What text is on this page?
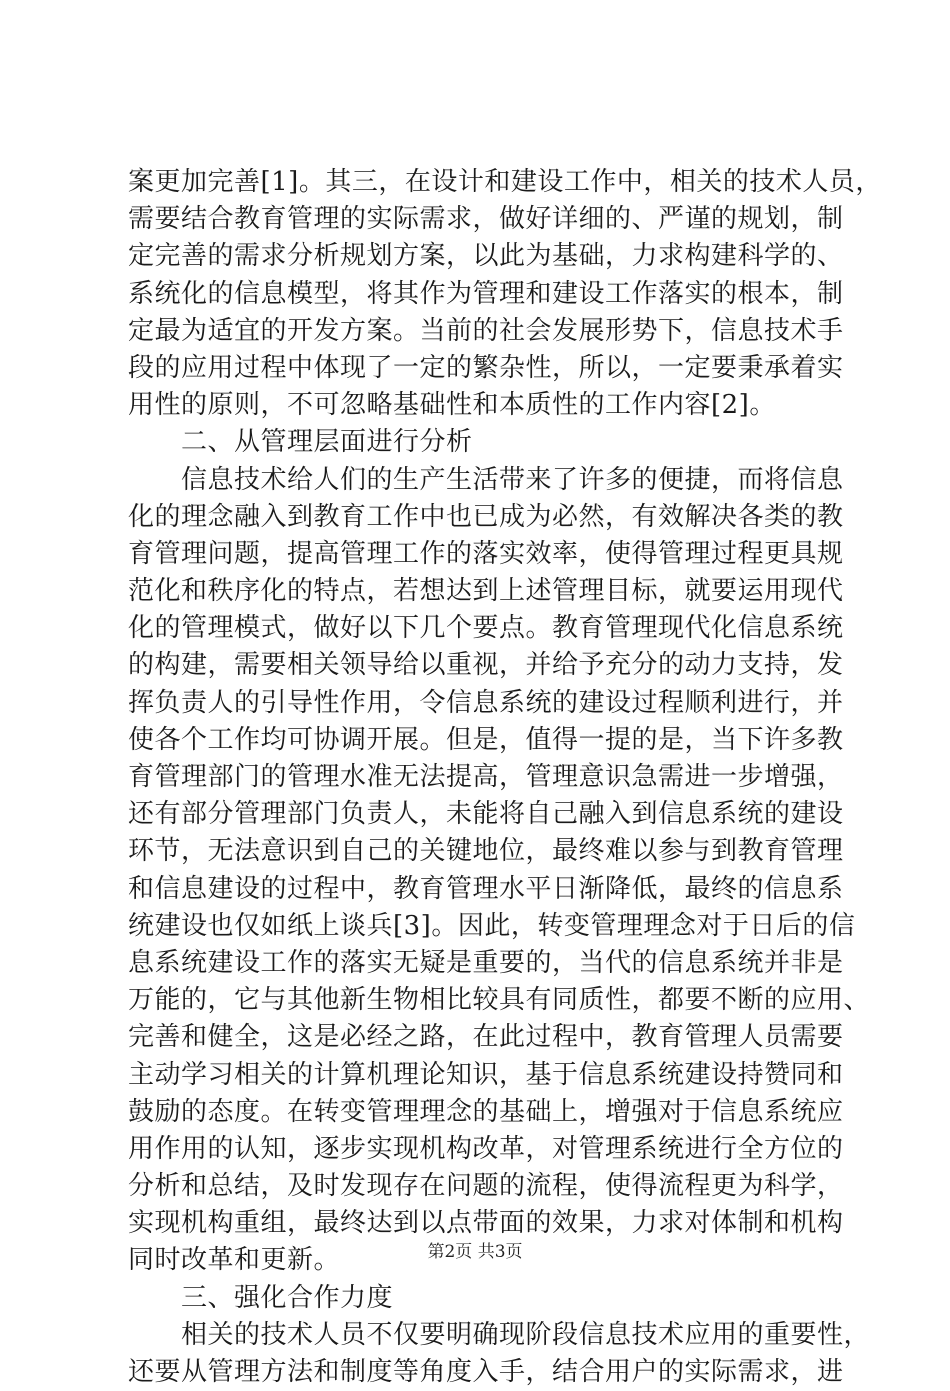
案更加完善[1]。其三，在设计和建设工作中，相关的技术人员，
需要结合教育管理的实际需求，做好详细的、严谨的规划，制
定完善的需求分析规划方案，以此为基础，力求构建科学的、
系统化的信息模型，将其作为管理和建设工作落实的根本，制
定最为适宜的开发方案。当前的社会发展形势下，信息技术手
段的应用过程中体现了一定的繁杂性，所以，一定要秉承着实
用性的原则，不可忽略基础性和本质性的工作内容[2]。
　　二、从管理层面进行分析
　　信息技术给人们的生产生活带来了许多的便捷，而将信息
化的理念融入到教育工作中也已成为必然，有效解决各类的教
育管理问题，提高管理工作的落实效率，使得管理过程更具规
范化和秩序化的特点，若想达到上述管理目标，就要运用现代
化的管理模式，做好以下几个要点。教育管理现代化信息系统
的构建，需要相关领导给以重视，并给予充分的动力支持，发
挥负责人的引导性作用，令信息系统的建设过程顺利进行，并
使各个工作均可协调开展。但是，值得一提的是，当下许多教
育管理部门的管理水准无法提高，管理意识急需进一步增强，
还有部分管理部门负责人，未能将自己融入到信息系统的建设
环节，无法意识到自己的关键地位，最终难以参与到教育管理
和信息建设的过程中，教育管理水平日渐降低，最终的信息系
统建设也仅如纸上谈兵[3]。因此，转变管理理念对于日后的信
息系统建设工作的落实无疑是重要的，当代的信息系统并非是
万能的，它与其他新生物相比较具有同质性，都要不断的应用、
完善和健全，这是必经之路，在此过程中，教育管理人员需要
主动学习相关的计算机理论知识，基于信息系统建设持赞同和
鼓励的态度。在转变管理理念的基础上，增强对于信息系统应
用作用的认知，逐步实现机构改革，对管理系统进行全方位的
分析和总结，及时发现存在问题的流程，使得流程更为科学，
实现机构重组，最终达到以点带面的效果，力求对体制和机构
同时改革和更新。
　　三、强化合作力度
　　相关的技术人员不仅要明确现阶段信息技术应用的重要性，
还要从管理方法和制度等角度入手，结合用户的实际需求，进
第2页 共3页
